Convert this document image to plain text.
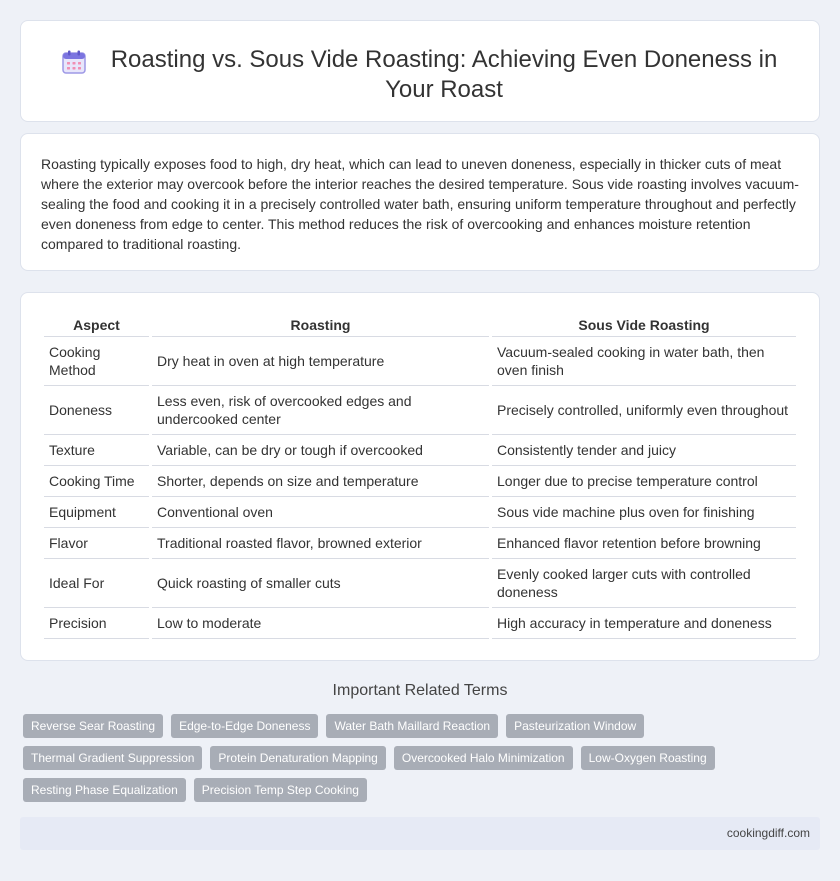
Roasting vs. Sous Vide Roasting: Achieving Even Doneness in Your Roast

Roasting typically exposes food to high, dry heat, which can lead to uneven doneness, especially in thicker cuts of meat where the exterior may overcook before the interior reaches the desired temperature. Sous vide roasting involves vacuum-sealing the food and cooking it in a precisely controlled water bath, ensuring uniform temperature throughout and perfectly even doneness from edge to center. This method reduces the risk of overcooking and enhances moisture retention compared to traditional roasting.

Aspect	Roasting	Sous Vide Roasting
Cooking Method	Dry heat in oven at high temperature	Vacuum-sealed cooking in water bath, then oven finish
Doneness	Less even, risk of overcooked edges and undercooked center	Precisely controlled, uniformly even throughout
Texture	Variable, can be dry or tough if overcooked	Consistently tender and juicy
Cooking Time	Shorter, depends on size and temperature	Longer due to precise temperature control
Equipment	Conventional oven	Sous vide machine plus oven for finishing
Flavor	Traditional roasted flavor, browned exterior	Enhanced flavor retention before browning
Ideal For	Quick roasting of smaller cuts	Evenly cooked larger cuts with controlled doneness
Precision	Low to moderate	High accuracy in temperature and doneness
Important Related Terms
Reverse Sear Roasting	Edge-to-Edge Doneness	Water Bath Maillard Reaction	Pasteurization Window
Thermal Gradient Suppression	Protein Denaturation Mapping	Overcooked Halo Minimization	Low-Oxygen Roasting
Resting Phase Equalization	Precision Temp Step Cooking
cookingdiff.com
